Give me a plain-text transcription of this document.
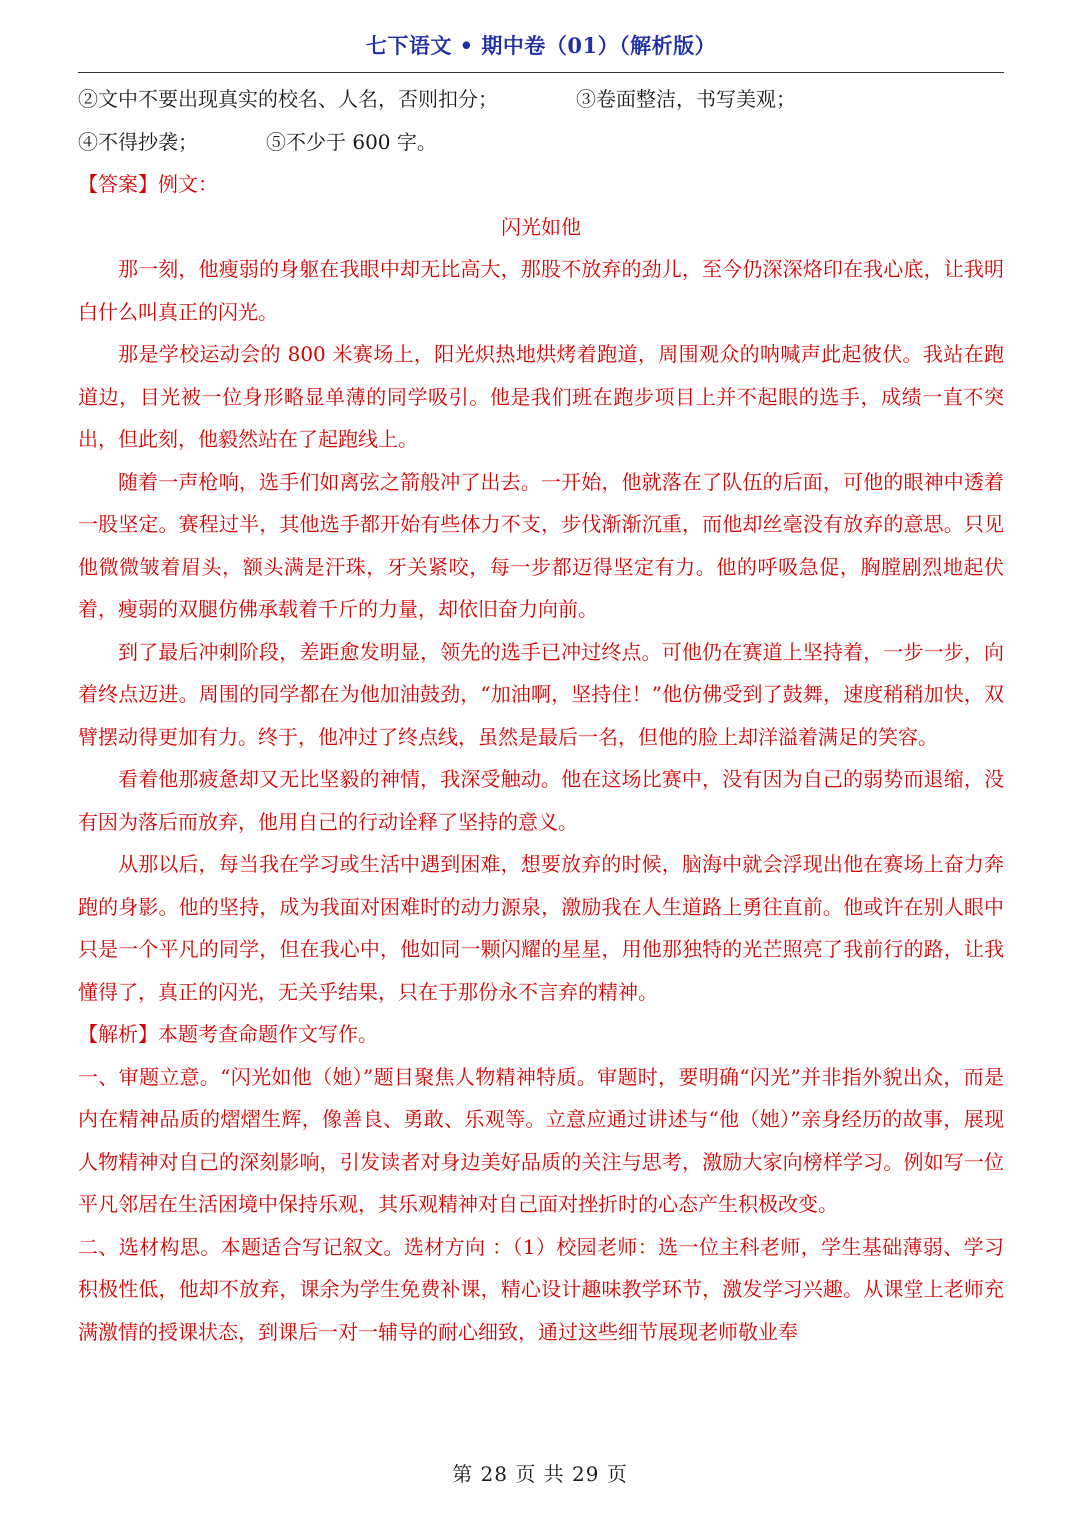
七下语文 • 期中卷（01）（解析版）
②文中不要出现真实的校名、人名，否则扣分；	③卷面整洁，书写美观；
④不得抄袭；	⑤不少于 600 字。
【答案】例文：
闪光如他
那一刻，他瘦弱的身躯在我眼中却无比高大，那股不放弃的劲儿，至今仍深深烙印在我心底，让我明白什么叫真正的闪光。
那是学校运动会的 800 米赛场上，阳光炽热地烘烤着跑道，周围观众的呐喊声此起彼伏。我站在跑道边，目光被一位身形略显单薄的同学吸引。他是我们班在跑步项目上并不起眼的选手，成绩一直不突出，但此刻，他毅然站在了起跑线上。
随着一声枪响，选手们如离弦之箭般冲了出去。一开始，他就落在了队伍的后面，可他的眼神中透着一股坚定。赛程过半，其他选手都开始有些体力不支，步伐渐渐沉重，而他却丝毫没有放弃的意思。只见他微微皱着眉头，额头满是汗珠，牙关紧咬，每一步都迈得坚定有力。他的呼吸急促，胸膛剧烈地起伏着，瘦弱的双腿仿佛承载着千斤的力量，却依旧奋力向前。
到了最后冲刺阶段，差距愈发明显，领先的选手已冲过终点。可他仍在赛道上坚持着，一步一步，向着终点迈进。周围的同学都在为他加油鼓劲，“加油啊，坚持住！”他仿佛受到了鼓舞，速度稍稍加快，双臂摆动得更加有力。终于，他冲过了终点线，虽然是最后一名，但他的脸上却洋溢着满足的笑容。
看着他那疲惫却又无比坚毅的神情，我深受触动。他在这场比赛中，没有因为自己的弱势而退缩，没有因为落后而放弃，他用自己的行动诠释了坚持的意义。
从那以后，每当我在学习或生活中遇到困难，想要放弃的时候，脑海中就会浮现出他在赛场上奋力奔跑的身影。他的坚持，成为我面对困难时的动力源泉，激励我在人生道路上勇往直前。他或许在别人眼中只是一个平凡的同学，但在我心中，他如同一颗闪耀的星星，用他那独特的光芒照亮了我前行的路，让我懂得了，真正的闪光，无关乎结果，只在于那份永不言弃的精神。
【解析】本题考查命题作文写作。
一、审题立意。“闪光如他（她）”题目聚焦人物精神特质。审题时，要明确“闪光”并非指外貌出众，而是内在精神品质的熠熠生辉，像善良、勇敢、乐观等。立意应通过讲述与“他（她）”亲身经历的故事，展现人物精神对自己的深刻影响，引发读者对身边美好品质的关注与思考，激励大家向榜样学习。例如写一位平凡邻居在生活困境中保持乐观，其乐观精神对自己面对挫折时的心态产生积极改变。
二、选材构思。本题适合写记叙文。选材方向 ：（1）校园老师：选一位主科老师，学生基础薄弱、学习积极性低，他却不放弃，课余为学生免费补课，精心设计趣味教学环节，激发学习兴趣。从课堂上老师充满激情的授课状态，到课后一对一辅导的耐心细致，通过这些细节展现老师敬业奉
第 28 页 共 29 页
